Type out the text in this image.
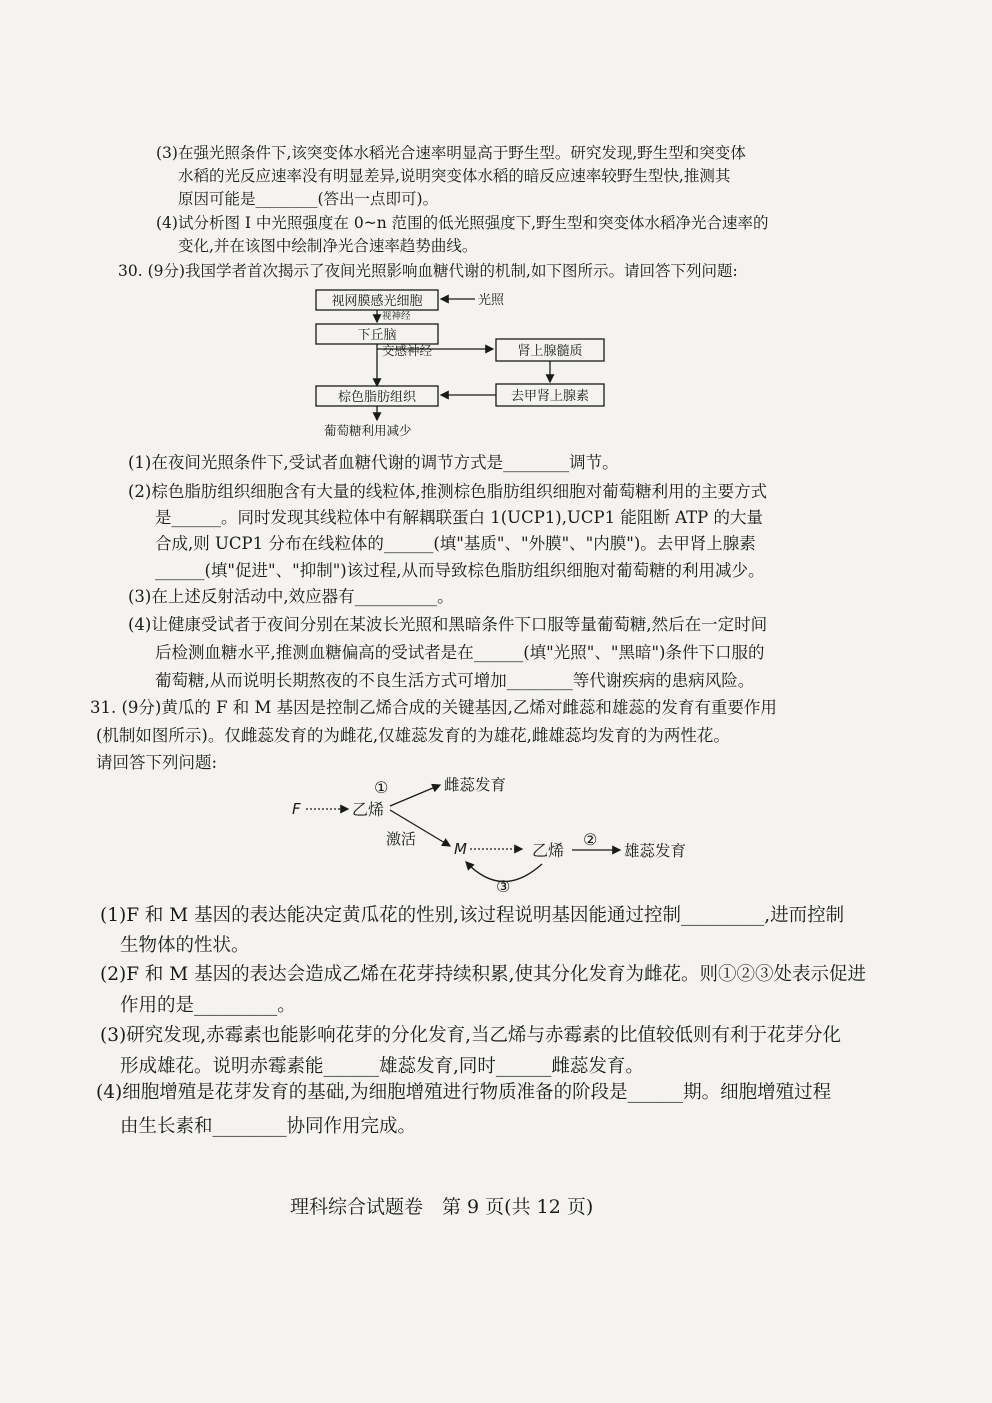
(3)在强光照条件下,该突变体水稻光合速率明显高于野生型。研究发现,野生型和突变体
水稻的光反应速率没有明显差异,说明突变体水稻的暗反应速率较野生型快,推测其
原因可能是________(答出一点即可)。
(4)试分析图 I 中光照强度在 0~n 范围的低光照强度下,野生型和突变体水稻净光合速率的
变化,并在该图中绘制净光合速率趋势曲线。
30. (9分)我国学者首次揭示了夜间光照影响血糖代谢的机制,如下图所示。请回答下列问题:
视网膜感光细胞	光照
视神经
下丘脑
交感神经	肾上腺髓质
去甲肾上腺素
棕色脂肪组织
葡萄糖利用减少
(1)在夜间光照条件下,受试者血糖代谢的调节方式是________调节。
(2)棕色脂肪组织细胞含有大量的线粒体,推测棕色脂肪组织细胞对葡萄糖利用的主要方式
是______。同时发现其线粒体中有解耦联蛋白 1(UCP1),UCP1 能阻断 ATP 的大量
合成,则 UCP1 分布在线粒体的______(填"基质"、"外膜"、"内膜")。去甲肾上腺素
______(填"促进"、"抑制")该过程,从而导致棕色脂肪组织细胞对葡萄糖的利用减少。
(3)在上述反射活动中,效应器有__________。
(4)让健康受试者于夜间分别在某波长光照和黑暗条件下口服等量葡萄糖,然后在一定时间
后检测血糖水平,推测血糖偏高的受试者是在______(填"光照"、"黑暗")条件下口服的
葡萄糖,从而说明长期熬夜的不良生活方式可增加________等代谢疾病的患病风险。
31. (9分)黄瓜的 F 和 M 基因是控制乙烯合成的关键基因,乙烯对雌蕊和雄蕊的发育有重要作用
(机制如图所示)。仅雌蕊发育的为雌花,仅雄蕊发育的为雄花,雌雄蕊均发育的为两性花。
请回答下列问题:
F	乙烯
①	雌蕊发育
激活
M	乙烯
②
雄蕊发育
③
(1)F 和 M 基因的表达能决定黄瓜花的性别,该过程说明基因能通过控制_________,进而控制
生物体的性状。
(2)F 和 M 基因的表达会造成乙烯在花芽持续积累,使其分化发育为雌花。则①②③处表示促进
作用的是_________。
(3)研究发现,赤霉素也能影响花芽的分化发育,当乙烯与赤霉素的比值较低则有利于花芽分化
形成雄花。说明赤霉素能______雄蕊发育,同时______雌蕊发育。
(4)细胞增殖是花芽发育的基础,为细胞增殖进行物质准备的阶段是______期。细胞增殖过程
由生长素和________协同作用完成。
理科综合试题卷　第 9 页(共 12 页)
